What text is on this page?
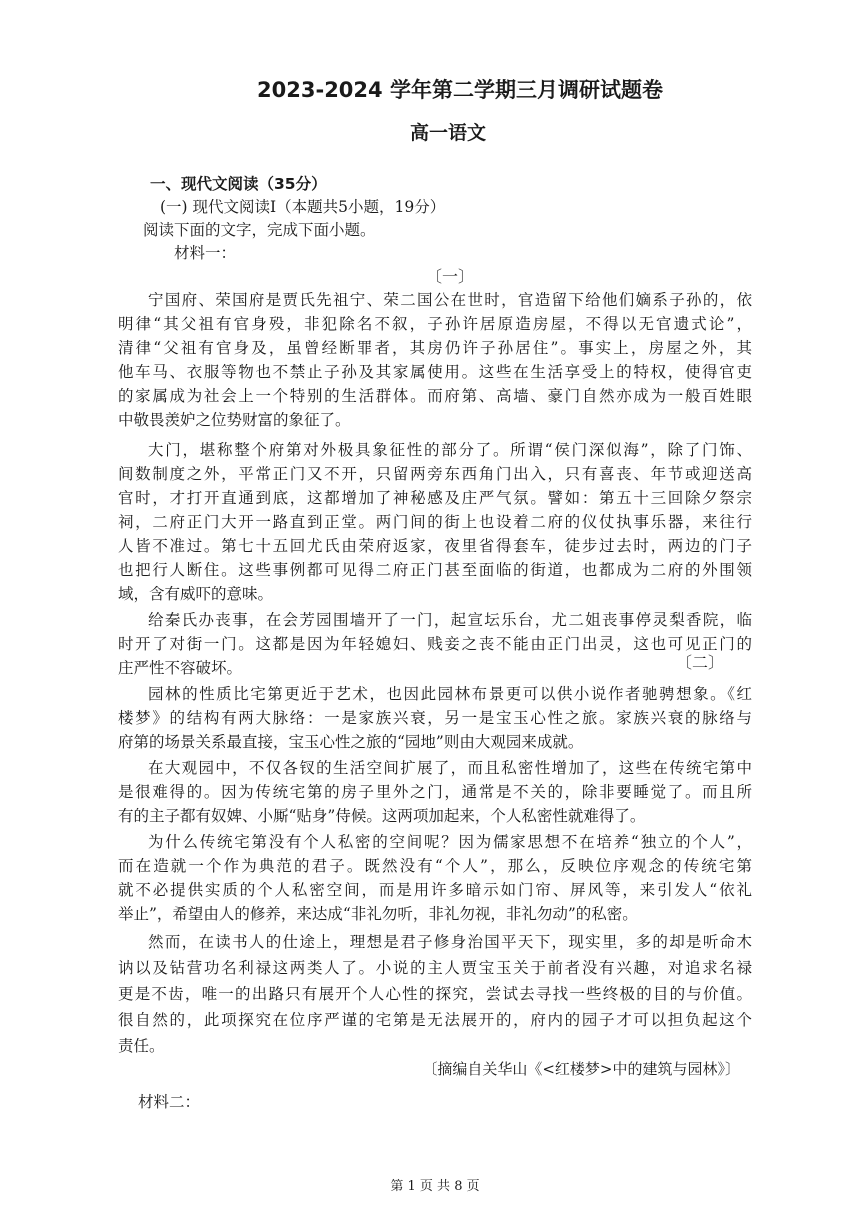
2023-2024 学年第二学期三月调研试题卷
高一语文
一、现代文阅读（35分）
(一) 现代文阅读I（本题共5小题，19分）
阅读下面的文字，完成下面小题。
材料一：
〔一〕
宁国府、荣国府是贾氏先祖宁、荣二国公在世时，官造留下给他们嫡系子孙的，依
明律“其父祖有官身殁，非犯除名不叙，子孙许居原造房屋，不得以无官遗式论”，
清律“父祖有官身及，虽曾经断罪者，其房仍许子孙居住”。事实上，房屋之外，其
他车马、衣服等物也不禁止子孙及其家属使用。这些在生活享受上的特权，使得官吏
的家属成为社会上一个特别的生活群体。而府第、高墙、豪门自然亦成为一般百姓眼
中敬畏羡妒之位势财富的象征了。
大门，堪称整个府第对外极具象征性的部分了。所谓“侯门深似海”，除了门饰、
间数制度之外，平常正门又不开，只留两旁东西角门出入，只有喜丧、年节或迎送高
官时，才打开直通到底，这都增加了神秘感及庄严气氛。譬如：第五十三回除夕祭宗
祠，二府正门大开一路直到正堂。两门间的街上也设着二府的仪仗执事乐器，来往行
人皆不准过。第七十五回尤氏由荣府返家，夜里省得套车，徒步过去时，两边的门子
也把行人断住。这些事例都可见得二府正门甚至面临的街道，也都成为二府的外围领
域，含有威吓的意味。
给秦氏办丧事，在会芳园围墙开了一门，起宣坛乐台，尤二姐丧事停灵梨香院，临
时开了对街一门。这都是因为年轻媳妇、贱妾之丧不能由正门出灵，这也可见正门的
庄严性不容破坏。	〔二〕
园林的性质比宅第更近于艺术，也因此园林布景更可以供小说作者驰骋想象。《红
楼梦》的结构有两大脉络：一是家族兴衰，另一是宝玉心性之旅。家族兴衰的脉络与
府第的场景关系最直接，宝玉心性之旅的“园地”则由大观园来成就。
在大观园中，不仅各钗的生活空间扩展了，而且私密性增加了，这些在传统宅第中
是很难得的。因为传统宅第的房子里外之门，通常是不关的，除非要睡觉了。而且所
有的主子都有奴婢、小厮“贴身”侍候。这两项加起来，个人私密性就难得了。
为什么传统宅第没有个人私密的空间呢？因为儒家思想不在培养“独立的个人”，
而在造就一个作为典范的君子。既然没有“个人”，那么，反映位序观念的传统宅第
就不必提供实质的个人私密空间，而是用许多暗示如门帘、屏风等，来引发人“依礼
举止”，希望由人的修养，来达成“非礼勿听，非礼勿视，非礼勿动”的私密。
然而，在读书人的仕途上，理想是君子修身治国平天下，现实里，多的却是听命木
讷以及钻营功名利禄这两类人了。小说的主人贾宝玉关于前者没有兴趣，对追求名禄
更是不齿，唯一的出路只有展开个人心性的探究，尝试去寻找一些终极的目的与价值。
很自然的，此项探究在位序严谨的宅第是无法展开的，府内的园子才可以担负起这个
责任。
〔摘编自关华山《<红楼梦>中的建筑与园林》〕
材料二：
第 1 页 共 8 页
